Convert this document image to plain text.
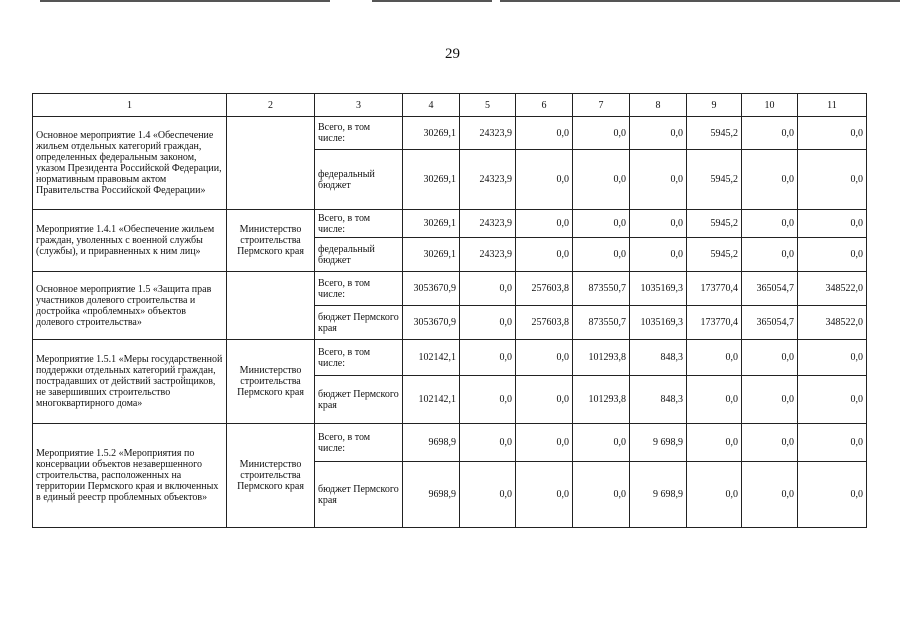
29
1	2	3	4	5	6	7	8	9	10	11
Основное мероприятие 1.4 «Обеспечение жильем отдельных категорий граждан, определенных федеральным законом, указом Президента Российской Федерации, нормативным правовым актом Правительства Российской Федерации»		Всего, в том числе:	30269,1	24323,9	0,0	0,0	0,0	5945,2	0,0	0,0
		федеральный бюджет	30269,1	24323,9	0,0	0,0	0,0	5945,2	0,0	0,0
Мероприятие 1.4.1 «Обеспечение жильем граждан, уволенных с военной службы (службы), и приравненных к ним лиц»	Министерство строительства Пермского края	Всего, в том числе:	30269,1	24323,9	0,0	0,0	0,0	5945,2	0,0	0,0
		федеральный бюджет	30269,1	24323,9	0,0	0,0	0,0	5945,2	0,0	0,0
Основное мероприятие 1.5 «Защита прав участников долевого строительства и достройка «проблемных» объектов долевого строительства»		Всего, в том числе:	3053670,9	0,0	257603,8	873550,7	1035169,3	173770,4	365054,7	348522,0
		бюджет Пермского края	3053670,9	0,0	257603,8	873550,7	1035169,3	173770,4	365054,7	348522,0
Мероприятие 1.5.1 «Меры государственной поддержки отдельных категорий граждан, пострадавших от действий застройщиков, не завершивших строительство многоквартирного дома»	Министерство строительства Пермского края	Всего, в том числе:	102142,1	0,0	0,0	101293,8	848,3	0,0	0,0	0,0
		бюджет Пермского края	102142,1	0,0	0,0	101293,8	848,3	0,0	0,0	0,0
Мероприятие 1.5.2 «Мероприятия по консервации объектов незавершенного строительства, расположенных на территории Пермского края и включенных в единый реестр проблемных объектов»	Министерство строительства Пермского края	Всего, в том числе:	9698,9	0,0	0,0	0,0	9 698,9	0,0	0,0	0,0
		бюджет Пермского края	9698,9	0,0	0,0	0,0	9 698,9	0,0	0,0	0,0
